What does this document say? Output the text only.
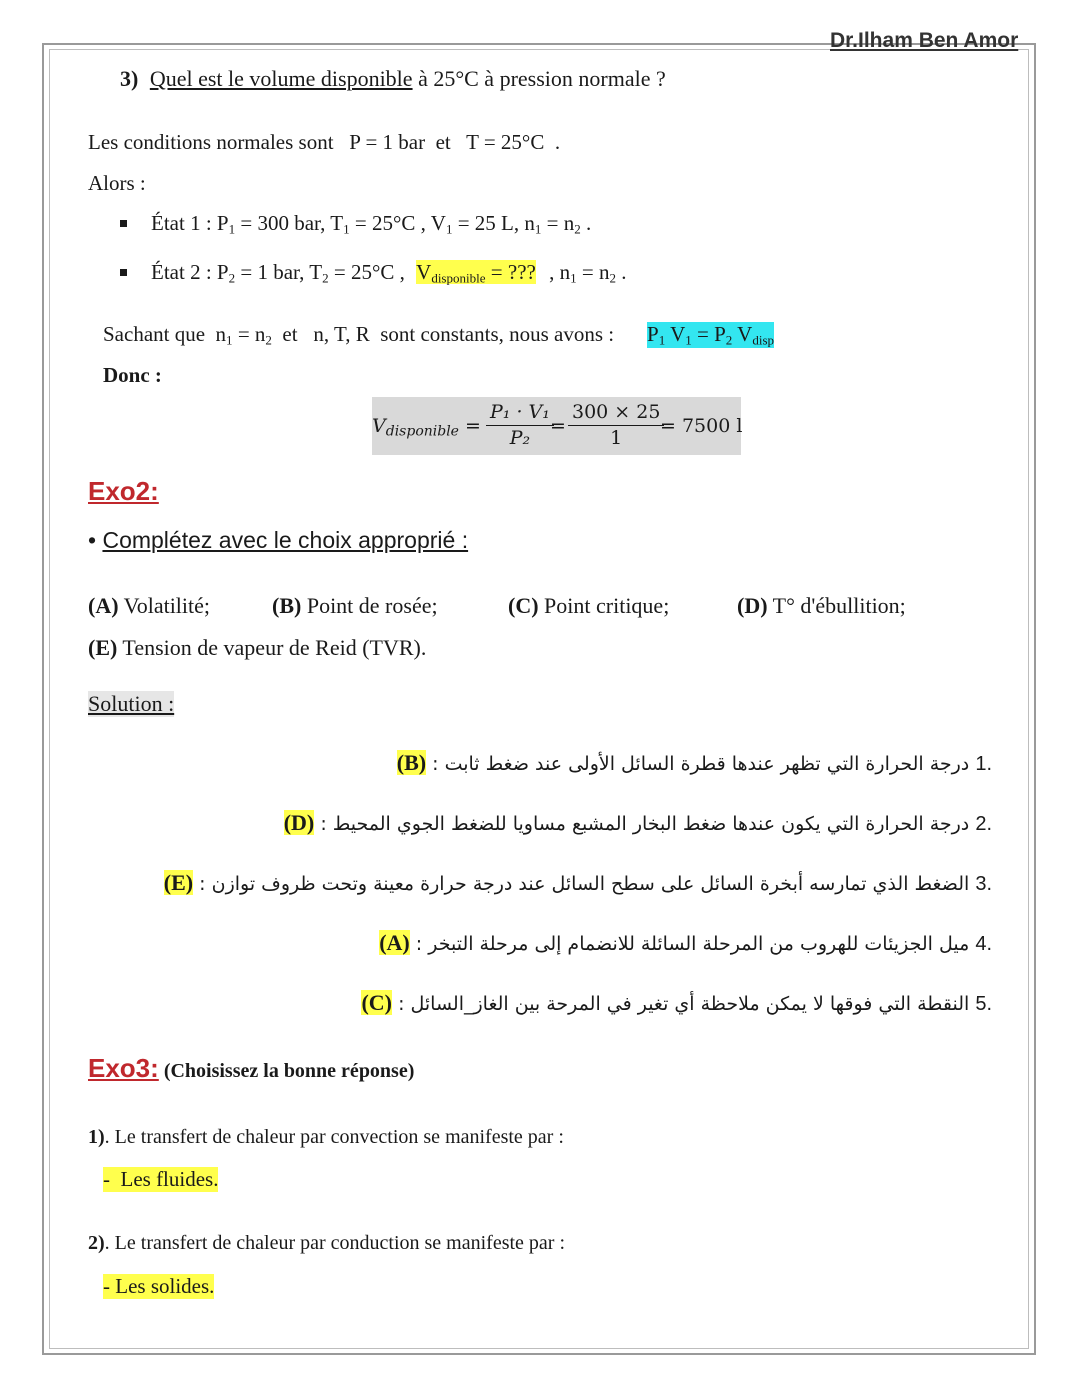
Dr.Ilham Ben Amor
3) Quel est le volume disponible à 25°C à pression normale ?
Les conditions normales sont   P = 1 bar  et   T = 25°C  .
Alors :
État 1 : $P_1 = 300$ bar, $T_1 = 25^\circ C$ , $V_1 = 25$ L, $n_1 = n_2$ .
État 2 : $P_2 = 1$ bar, $T_2 = 25^\circ C$ , $V_{disponible}$ = ??? , $n_1 = n_2$ .
Sachant que  $n_1 = n_2$  et   n, T, R  sont constants, nous avons : $P_1$ $V_1 = P_2$ $V_{disp}$
Donc :
$V_{disponible} = \frac{\text{P₁ · V₁}}{\text{P₂}}$
= $\frac{300 \times 25}{1}$
= 7500 l
Exo2:
• Complétez avec le choix approprié :
(A) Volatilité;	(B) Point de rosée;	(C) Point critique;	(D) T° d'ébullition;
(E) Tension de vapeur de Reid (TVR).
Solution :
.1 درجة الحرارة التي تظهر عندها قطرة السائل الأولى عند ضغط ثابت : (B)
.2 درجة الحرارة التي يكون عندها ضغط البخار المشبع مساويا للضغط الجوي المحيط : (D)
.3 الضغط الذي تمارسه أبخرة السائل على سطح السائل عند درجة حرارة معينة وتحت ظروف توازن : (E)
.4 ميل الجزيئات للهروب من المرحلة السائلة للانضمام إلى مرحلة التبخر : (A)
.5 النقطة التي فوقها لا يمكن ملاحظة أي تغير في المرحة بين الغاز_السائل : (C)
Exo3: (Choisissez la bonne réponse)
1). Le transfert de chaleur par convection se manifeste par :
-  Les fluides.
2). Le transfert de chaleur par conduction se manifeste par :
- Les solides.
